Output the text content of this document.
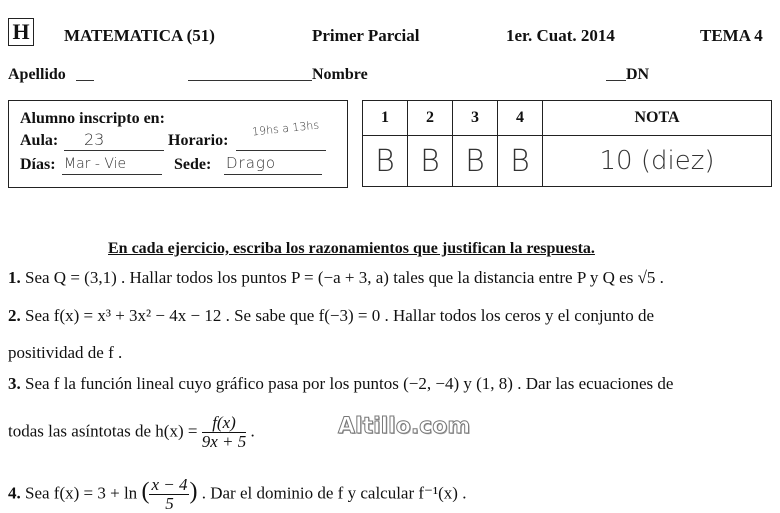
H MATEMATICA (51)	Primer Parcial	1er. Cuat. 2014	TEMA 4
Apellido	Nombre	DN
Alumno inscripto en:
Aula: 23	Horario:
19hs a 13hs
Días: Mar - Vie	Sede: Drago
1	2	3	4	NOTA
B	B	B	B	10 (diez)
En cada ejercicio, escriba los razonamientos que justifican la respuesta.
1. Sea Q = (3,1) . Hallar todos los puntos P = (−a + 3, a) tales que la distancia entre P y Q es √5 .
2. Sea f(x) = x³ + 3x² − 4x − 12 . Se sabe que f(−3) = 0 . Hallar todos los ceros y el conjunto de
positividad de f .
3. Sea f la función lineal cuyo gráfico pasa por los puntos (−2, −4) y (1, 8) . Dar las ecuaciones de
todas las asíntotas de $h(x) = \frac{f(x)}{9x + 5}$ .	Altillo.com
4. Sea f(x) = 3 + ln ( $\frac{x - 4}{5}$ ) . Dar el dominio de f y calcular f⁻¹(x) .
